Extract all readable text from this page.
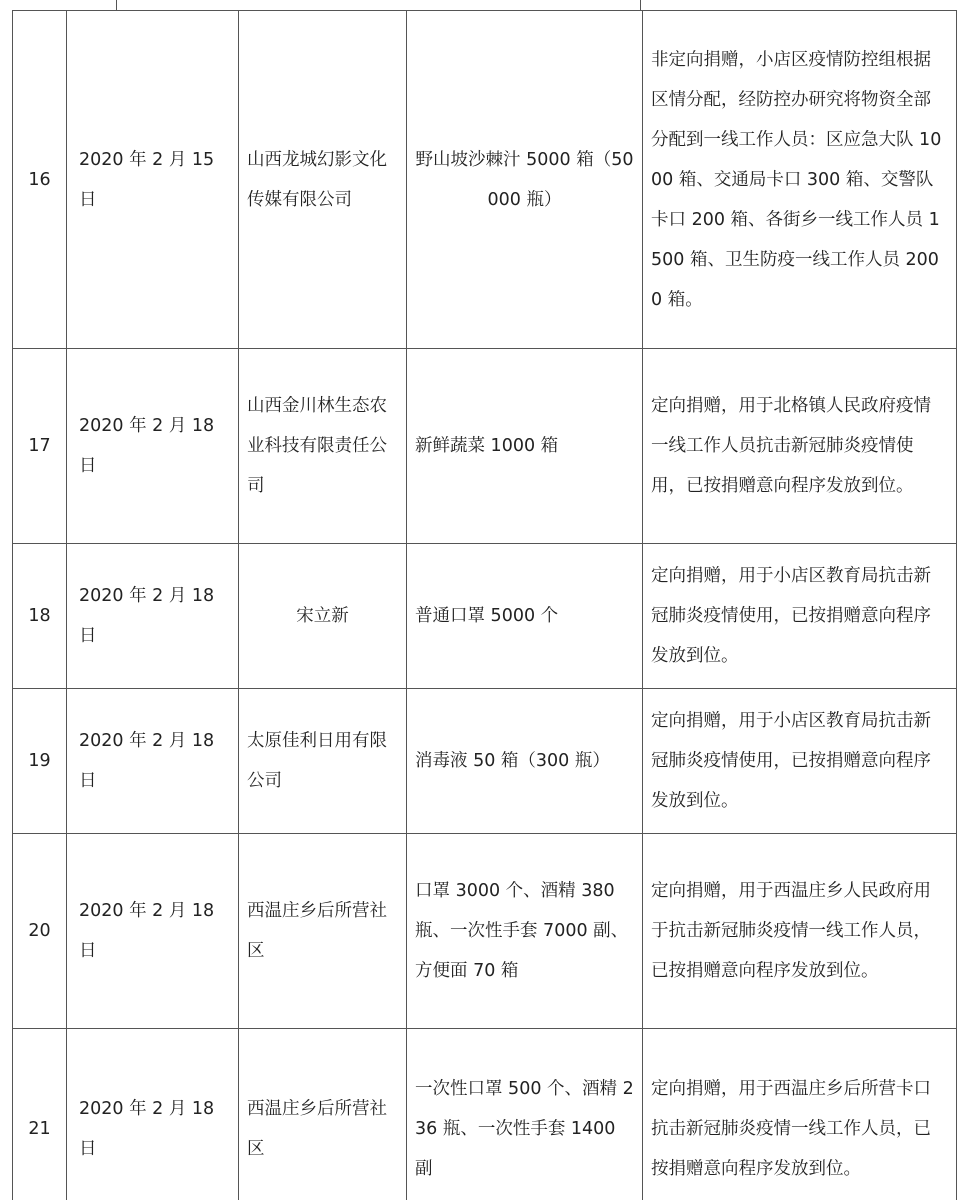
16	2020 年 2 月 15 日	山西龙城幻影文化传媒有限公司	野山坡沙棘汁 5000 箱（50000 瓶）	非定向捐赠，小店区疫情防控组根据区情分配，经防控办研究将物资全部分配到一线工作人员：区应急大队 1000 箱、交通局卡口 300 箱、交警队卡口 200 箱、各街乡一线工作人员 1500 箱、卫生防疫一线工作人员 2000 箱。
17	2020 年 2 月 18 日	山西金川林生态农业科技有限责任公司	新鲜蔬菜 1000 箱	定向捐赠，用于北格镇人民政府疫情一线工作人员抗击新冠肺炎疫情使用，已按捐赠意向程序发放到位。
18	2020 年 2 月 18 日	宋立新	普通口罩 5000 个	定向捐赠，用于小店区教育局抗击新冠肺炎疫情使用，已按捐赠意向程序发放到位。
19	2020 年 2 月 18 日	太原佳利日用有限公司	消毒液 50 箱（300 瓶）	定向捐赠，用于小店区教育局抗击新冠肺炎疫情使用，已按捐赠意向程序发放到位。
20	2020 年 2 月 18 日	西温庄乡后所营社区	口罩 3000 个、酒精 380 瓶、一次性手套 7000 副、方便面 70 箱	定向捐赠，用于西温庄乡人民政府用于抗击新冠肺炎疫情一线工作人员，已按捐赠意向程序发放到位。
21	2020 年 2 月 18 日	西温庄乡后所营社区	一次性口罩 500 个、酒精 236 瓶、一次性手套 1400 副	定向捐赠，用于西温庄乡后所营卡口抗击新冠肺炎疫情一线工作人员，已按捐赠意向程序发放到位。
